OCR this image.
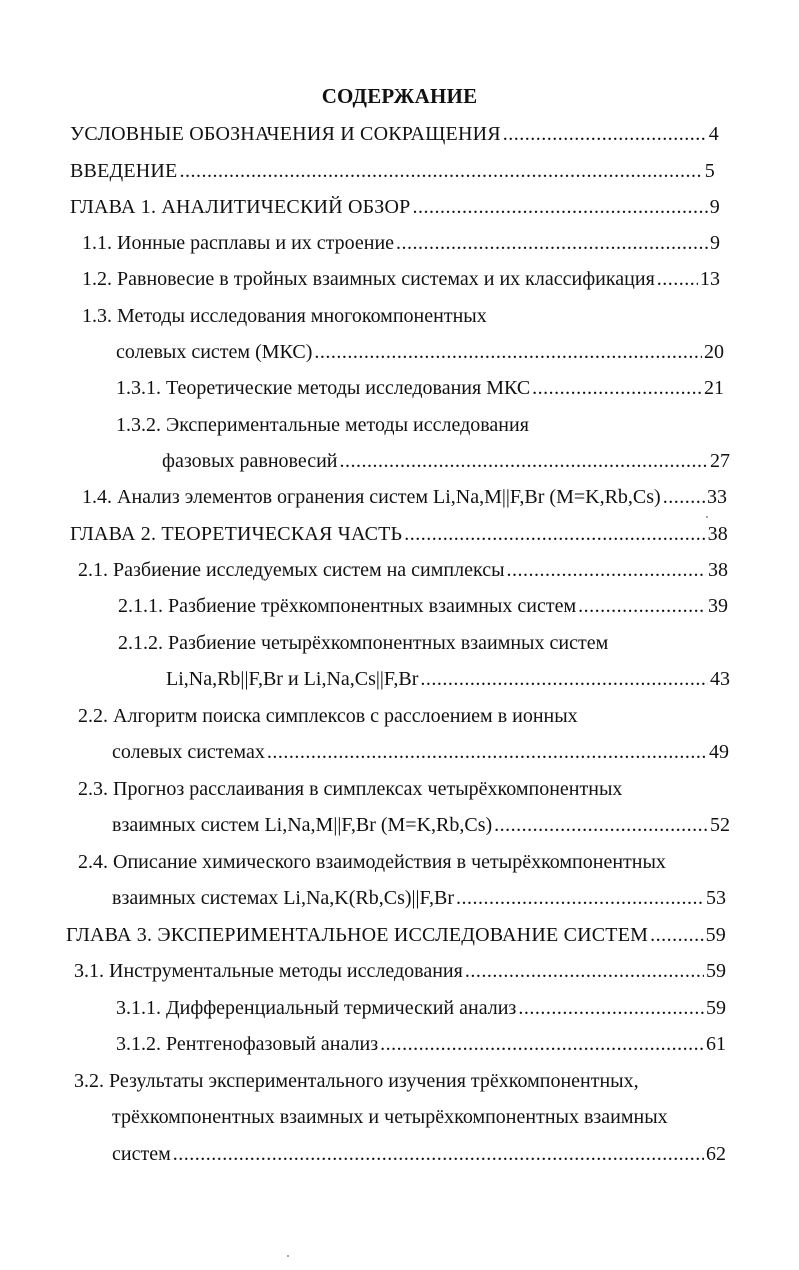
СОДЕРЖАНИЕ
УСЛОВНЫЕ ОБОЗНАЧЕНИЯ И СОКРАЩЕНИЯ .....	4
ВВЕДЕНИЕ .....	5
ГЛАВА 1. АНАЛИТИЧЕСКИЙ ОБЗОР .....	9
1.1. Ионные расплавы и их строение .....	9
1.2. Равновесие в тройных взаимных системах и их классификация ..... 13
1.3. Методы исследования многокомпонентных
солевых систем (МКС) .....	20
1.3.1. Теоретические методы исследования МКС .....	21
1.3.2. Экспериментальные методы исследования
фазовых равновесий .....	27
1.4. Анализ элементов огранения систем Li,Na,M||F,Br (M=K,Rb,Cs) ..... 33
ГЛАВА 2. ТЕОРЕТИЧЕСКАЯ ЧАСТЬ .....	38
2.1. Разбиение исследуемых систем на симплексы .....	38
2.1.1. Разбиение трёхкомпонентных взаимных систем .....	39
2.1.2. Разбиение четырёхкомпонентных взаимных систем
Li,Na,Rb||F,Br и Li,Na,Cs||F,Br .....	43
2.2. Алгоритм поиска симплексов с расслоением в ионных
солевых системах .....	49
2.3. Прогноз расслаивания в симплексах четырёхкомпонентных
взаимных систем Li,Na,M||F,Br (M=K,Rb,Cs) .....	52
2.4. Описание химического взаимодействия в четырёхкомпонентных
взаимных системах Li,Na,K(Rb,Cs)||F,Br .....	53
ГЛАВА 3. ЭКСПЕРИМЕНТАЛЬНОЕ ИССЛЕДОВАНИЕ СИСТЕМ .....	59
3.1. Инструментальные методы исследования .....	59
3.1.1. Дифференциальный термический анализ .....	59
3.1.2. Рентгенофазовый анализ .....	61
3.2. Результаты экспериментального изучения трёхкомпонентных,
трёхкомпонентных взаимных и четырёхкомпонентных взаимных
систем .....	62
